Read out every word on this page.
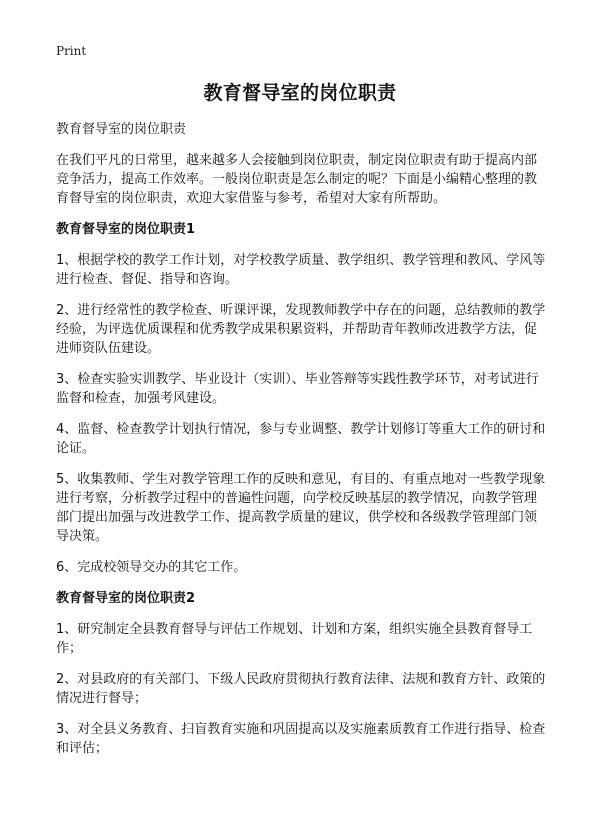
Print
教育督导室的岗位职责

教育督导室的岗位职责

在我们平凡的日常里，越来越多人会接触到岗位职责，制定岗位职责有助于提高内部竞争活力，提高工作效率。一般岗位职责是怎么制定的呢？下面是小编精心整理的教育督导室的岗位职责，欢迎大家借鉴与参考，希望对大家有所帮助。

教育督导室的岗位职责1

1、根据学校的教学工作计划，对学校教学质量、教学组织、教学管理和教风、学风等进行检查、督促、指导和咨询。

2、进行经常性的教学检查、听课评课，发现教师教学中存在的问题，总结教师的教学经验，为评选优质课程和优秀教学成果积累资料，并帮助青年教师改进教学方法，促进师资队伍建设。

3、检查实验实训教学、毕业设计（实训）、毕业答辩等实践性教学环节，对考试进行监督和检查，加强考风建设。

4、监督、检查教学计划执行情况，参与专业调整、教学计划修订等重大工作的研讨和论证。

5、收集教师、学生对教学管理工作的反映和意见，有目的、有重点地对一些教学现象进行考察，分析教学过程中的普遍性问题，向学校反映基层的教学情况，向教学管理部门提出加强与改进教学工作、提高教学质量的建议，供学校和各级教学管理部门领导决策。

6、完成校领导交办的其它工作。

教育督导室的岗位职责2

1、研究制定全县教育督导与评估工作规划、计划和方案，组织实施全县教育督导工作；

2、对县政府的有关部门、下级人民政府贯彻执行教育法律、法规和教育方针、政策的情况进行督导；

3、对全县义务教育、扫盲教育实施和巩固提高以及实施素质教育工作进行指导、检查和评估；
